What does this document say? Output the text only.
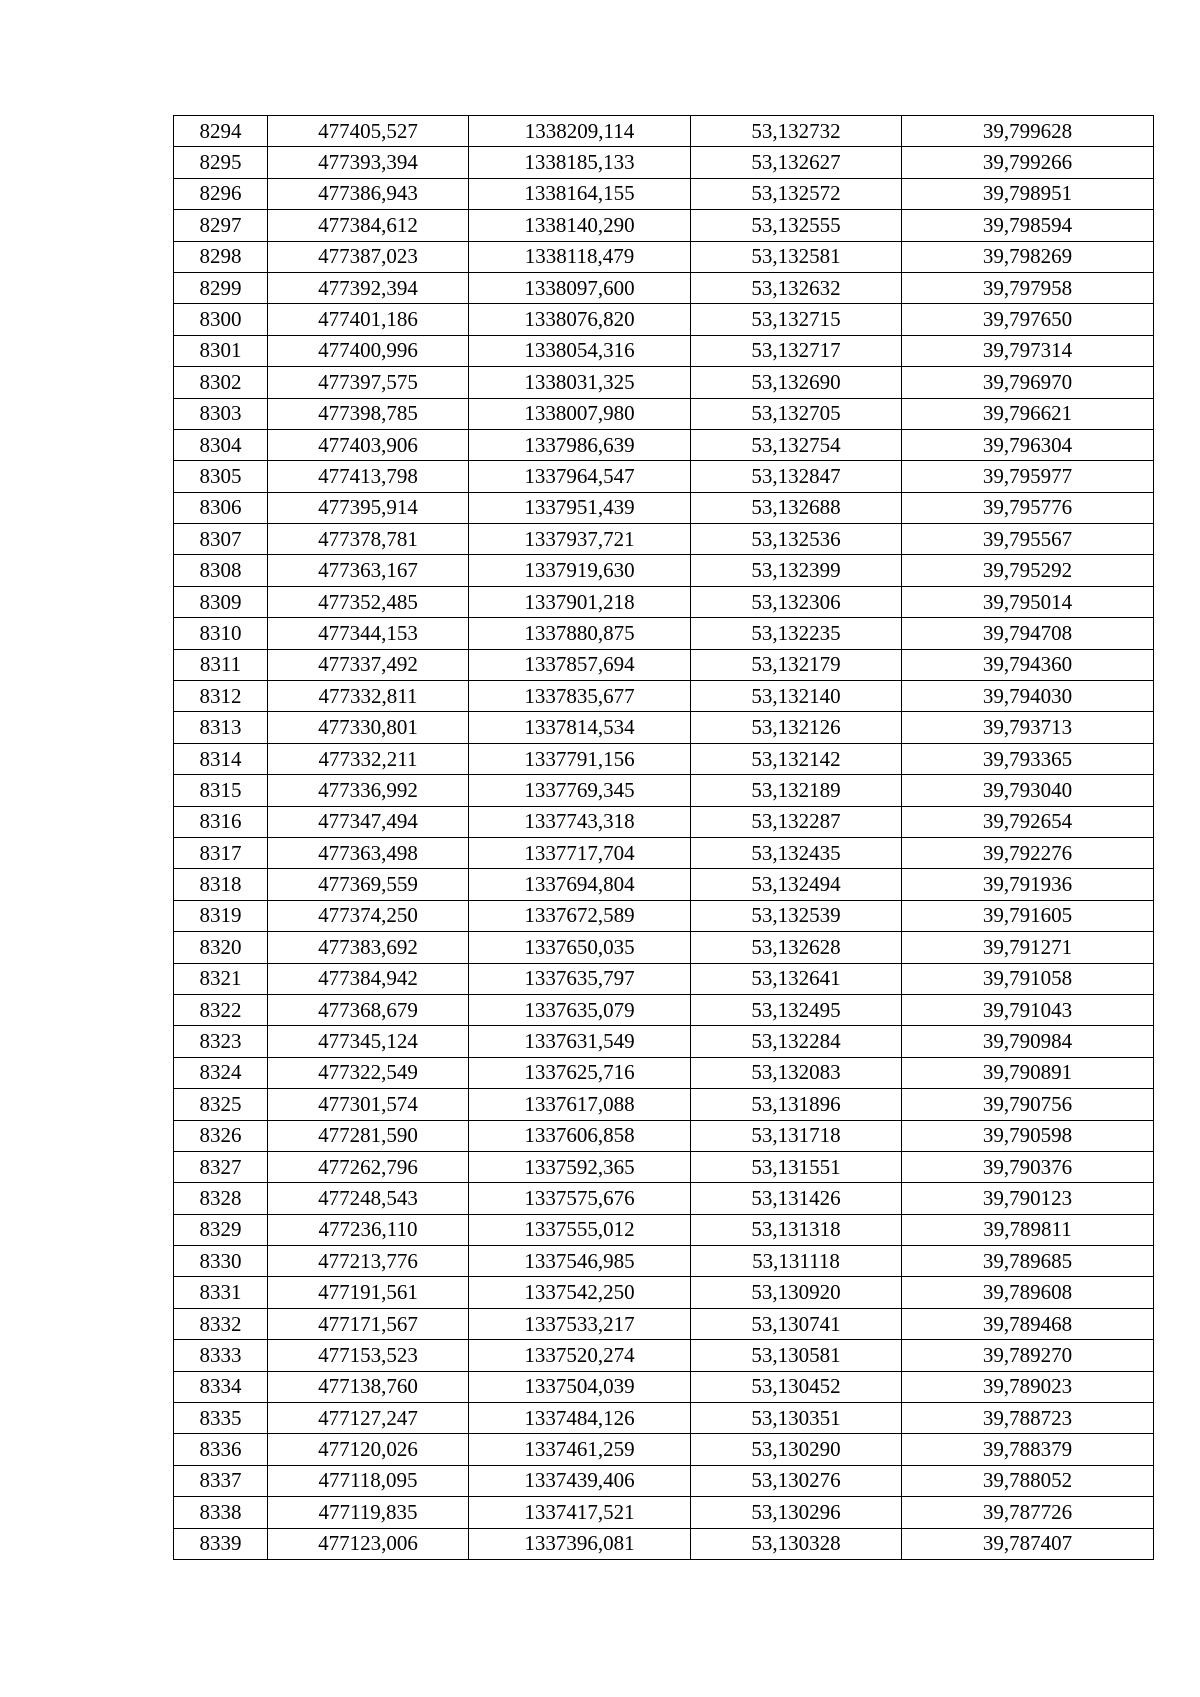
8294	477405,527	1338209,114	53,132732	39,799628
8295	477393,394	1338185,133	53,132627	39,799266
8296	477386,943	1338164,155	53,132572	39,798951
8297	477384,612	1338140,290	53,132555	39,798594
8298	477387,023	1338118,479	53,132581	39,798269
8299	477392,394	1338097,600	53,132632	39,797958
8300	477401,186	1338076,820	53,132715	39,797650
8301	477400,996	1338054,316	53,132717	39,797314
8302	477397,575	1338031,325	53,132690	39,796970
8303	477398,785	1338007,980	53,132705	39,796621
8304	477403,906	1337986,639	53,132754	39,796304
8305	477413,798	1337964,547	53,132847	39,795977
8306	477395,914	1337951,439	53,132688	39,795776
8307	477378,781	1337937,721	53,132536	39,795567
8308	477363,167	1337919,630	53,132399	39,795292
8309	477352,485	1337901,218	53,132306	39,795014
8310	477344,153	1337880,875	53,132235	39,794708
8311	477337,492	1337857,694	53,132179	39,794360
8312	477332,811	1337835,677	53,132140	39,794030
8313	477330,801	1337814,534	53,132126	39,793713
8314	477332,211	1337791,156	53,132142	39,793365
8315	477336,992	1337769,345	53,132189	39,793040
8316	477347,494	1337743,318	53,132287	39,792654
8317	477363,498	1337717,704	53,132435	39,792276
8318	477369,559	1337694,804	53,132494	39,791936
8319	477374,250	1337672,589	53,132539	39,791605
8320	477383,692	1337650,035	53,132628	39,791271
8321	477384,942	1337635,797	53,132641	39,791058
8322	477368,679	1337635,079	53,132495	39,791043
8323	477345,124	1337631,549	53,132284	39,790984
8324	477322,549	1337625,716	53,132083	39,790891
8325	477301,574	1337617,088	53,131896	39,790756
8326	477281,590	1337606,858	53,131718	39,790598
8327	477262,796	1337592,365	53,131551	39,790376
8328	477248,543	1337575,676	53,131426	39,790123
8329	477236,110	1337555,012	53,131318	39,789811
8330	477213,776	1337546,985	53,131118	39,789685
8331	477191,561	1337542,250	53,130920	39,789608
8332	477171,567	1337533,217	53,130741	39,789468
8333	477153,523	1337520,274	53,130581	39,789270
8334	477138,760	1337504,039	53,130452	39,789023
8335	477127,247	1337484,126	53,130351	39,788723
8336	477120,026	1337461,259	53,130290	39,788379
8337	477118,095	1337439,406	53,130276	39,788052
8338	477119,835	1337417,521	53,130296	39,787726
8339	477123,006	1337396,081	53,130328	39,787407
